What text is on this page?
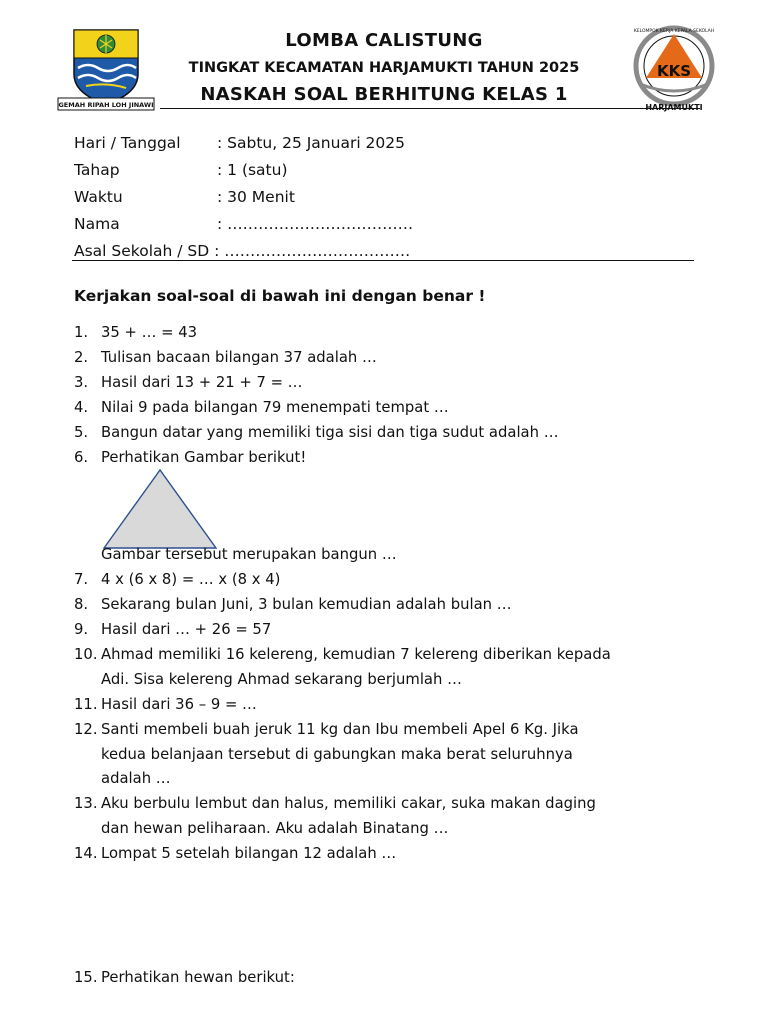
GEMAH RIPAH LOH JINAWI
LOMBA CALISTUNG
TINGKAT KECAMATAN HARJAMUKTI TAHUN 2025
NASKAH SOAL BERHITUNG KELAS 1
KKS
KELOMPOK KERJA KEPALA SEKOLAH
HARJAMUKTI
Hari / Tanggal : Sabtu, 25 Januari 2025
Tahap	: 1 (satu)
Waktu	: 30 Menit
Nama	: ………………………………
Asal Sekolah / SD : ………………………………
Kerjakan soal-soal di bawah ini dengan benar !
1. 35 + … = 43
2. Tulisan bacaan bilangan 37 adalah …
3. Hasil dari 13 + 21 + 7 = …
4. Nilai 9 pada bilangan 79 menempati tempat …
5. Bangun datar yang memiliki tiga sisi dan tiga sudut adalah …
6. Perhatikan Gambar berikut!
Gambar tersebut merupakan bangun …
7. 4 x (6 x 8) = … x (8 x 4)
8. Sekarang bulan Juni, 3 bulan kemudian adalah bulan …
9. Hasil dari … + 26 = 57
10. Ahmad memiliki 16 kelereng, kemudian 7 kelereng diberikan kepada
Adi. Sisa kelereng Ahmad sekarang berjumlah …
11. Hasil dari 36 – 9 = …
12. Santi membeli buah jeruk 11 kg dan Ibu membeli Apel 6 Kg. Jika
kedua belanjaan tersebut di gabungkan maka berat seluruhnya
adalah …
13. Aku berbulu lembut dan halus, memiliki cakar, suka makan daging
dan hewan peliharaan. Aku adalah Binatang …
14. Lompat 5 setelah bilangan 12 adalah …
15. Perhatikan hewan berikut:
